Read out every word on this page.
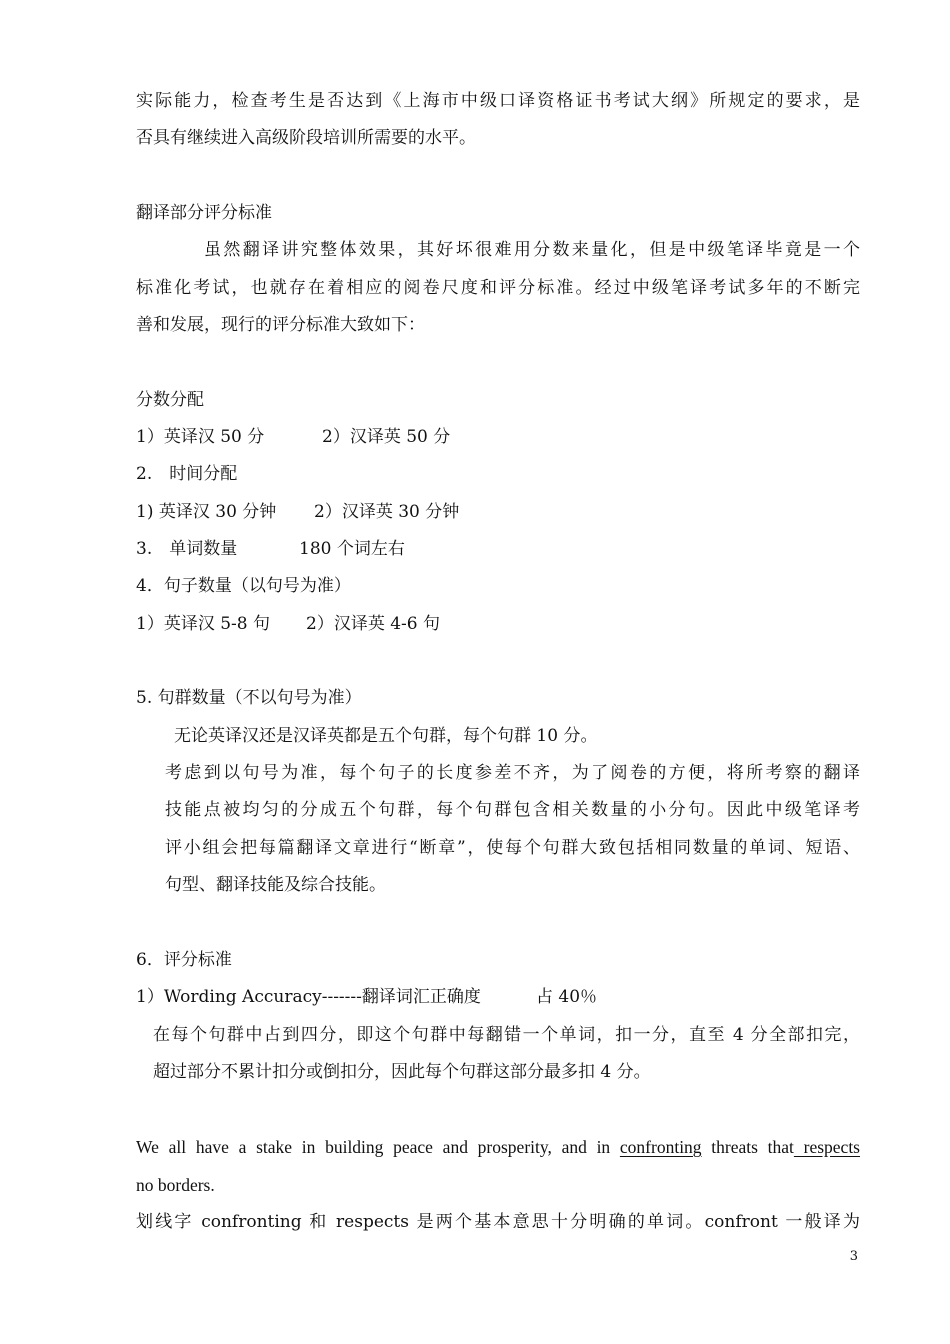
实际能力，检查考生是否达到《上海市中级口译资格证书考试大纲》所规定的要求，是
否具有继续进入高级阶段培训所需要的水平。
翻译部分评分标准
虽然翻译讲究整体效果，其好坏很难用分数来量化，但是中级笔译毕竟是一个
标准化考试，也就存在着相应的阅卷尺度和评分标准。经过中级笔译考试多年的不断完
善和发展，现行的评分标准大致如下：
分数分配
1）英译汉 50 分	2）汉译英 50 分
2.　时间分配
1) 英译汉 30 分钟 2）汉译英 30 分钟
3.　单词数量	180 个词左右
4．句子数量（以句号为准）
1）英译汉 5-8 句 2）汉译英 4-6 句
5. 句群数量（不以句号为准）
无论英译汉还是汉译英都是五个句群，每个句群 10 分。
考虑到以句号为准，每个句子的长度参差不齐，为了阅卷的方便，将所考察的翻译
技能点被均匀的分成五个句群，每个句群包含相关数量的小分句。因此中级笔译考
评小组会把每篇翻译文章进行“断章”，使每个句群大致包括相同数量的单词、短语、
句型、翻译技能及综合技能。
6．评分标准
1）Wording Accuracy-------翻译词汇正确度	占 40％
在每个句群中占到四分，即这个句群中每翻错一个单词，扣一分，直至 4 分全部扣完，
超过部分不累计扣分或倒扣分，因此每个句群这部分最多扣 4 分。
We all have a stake in building peace and prosperity, and in confronting threats that respects
no borders.
划线字 confronting 和 respects 是两个基本意思十分明确的单词。confront 一般译为
3
